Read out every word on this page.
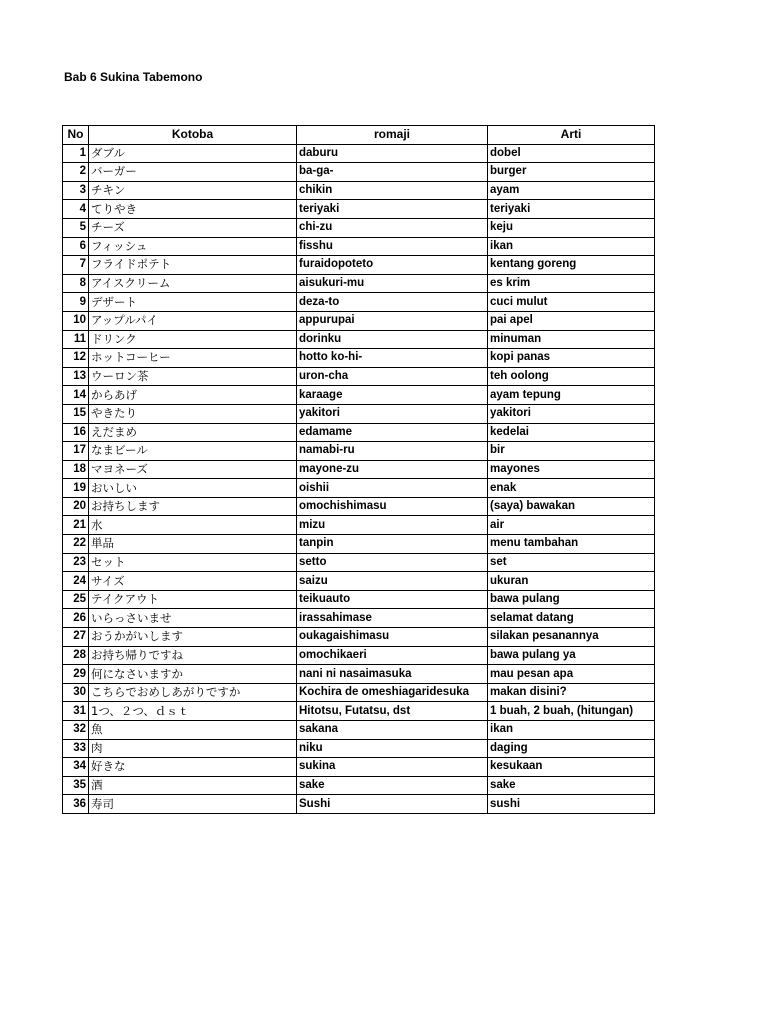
Bab 6 Sukina Tabemono
No	Kotoba	romaji	Arti
1	ダブル	daburu	dobel
2	バーガー	ba-ga-	burger
3	チキン	chikin	ayam
4	てりやき	teriyaki	teriyaki
5	チーズ	chi-zu	keju
6	フィッシュ	fisshu	ikan
7	フライドポテト	furaidopoteto	kentang goreng
8	アイスクリーム	aisukuri-mu	es krim
9	デザート	deza-to	cuci mulut
10	アップルパイ	appurupai	pai apel
11	ドリンク	dorinku	minuman
12	ホットコーヒー	hotto ko-hi-	kopi panas
13	ウーロン茶	uron-cha	teh oolong
14	からあげ	karaage	ayam tepung
15	やきたり	yakitori	yakitori
16	えだまめ	edamame	kedelai
17	なまビール	namabi-ru	bir
18	マヨネーズ	mayone-zu	mayones
19	おいしい	oishii	enak
20	お持ちします	omochishimasu	(saya) bawakan
21	水	mizu	air
22	単品	tanpin	menu tambahan
23	セット	setto	set
24	サイズ	saizu	ukuran
25	テイクアウト	teikuauto	bawa pulang
26	いらっさいませ	irassahimase	selamat datang
27	おうかがいします	oukagaishimasu	silakan pesanannya
28	お持ち帰りですね	omochikaeri	bawa pulang ya
29	何になさいますか	nani ni nasaimasuka	mau pesan apa
30	こちらでおめしあがりですか	Kochira de omeshiagaridesuka	makan disini?
31	1つ、２つ、ｄｓｔ	Hitotsu, Futatsu, dst	1 buah, 2 buah, (hitungan)
32	魚	sakana	ikan
33	肉	niku	daging
34	好きな	sukina	kesukaan
35	酒	sake	sake
36	寿司	Sushi	sushi
